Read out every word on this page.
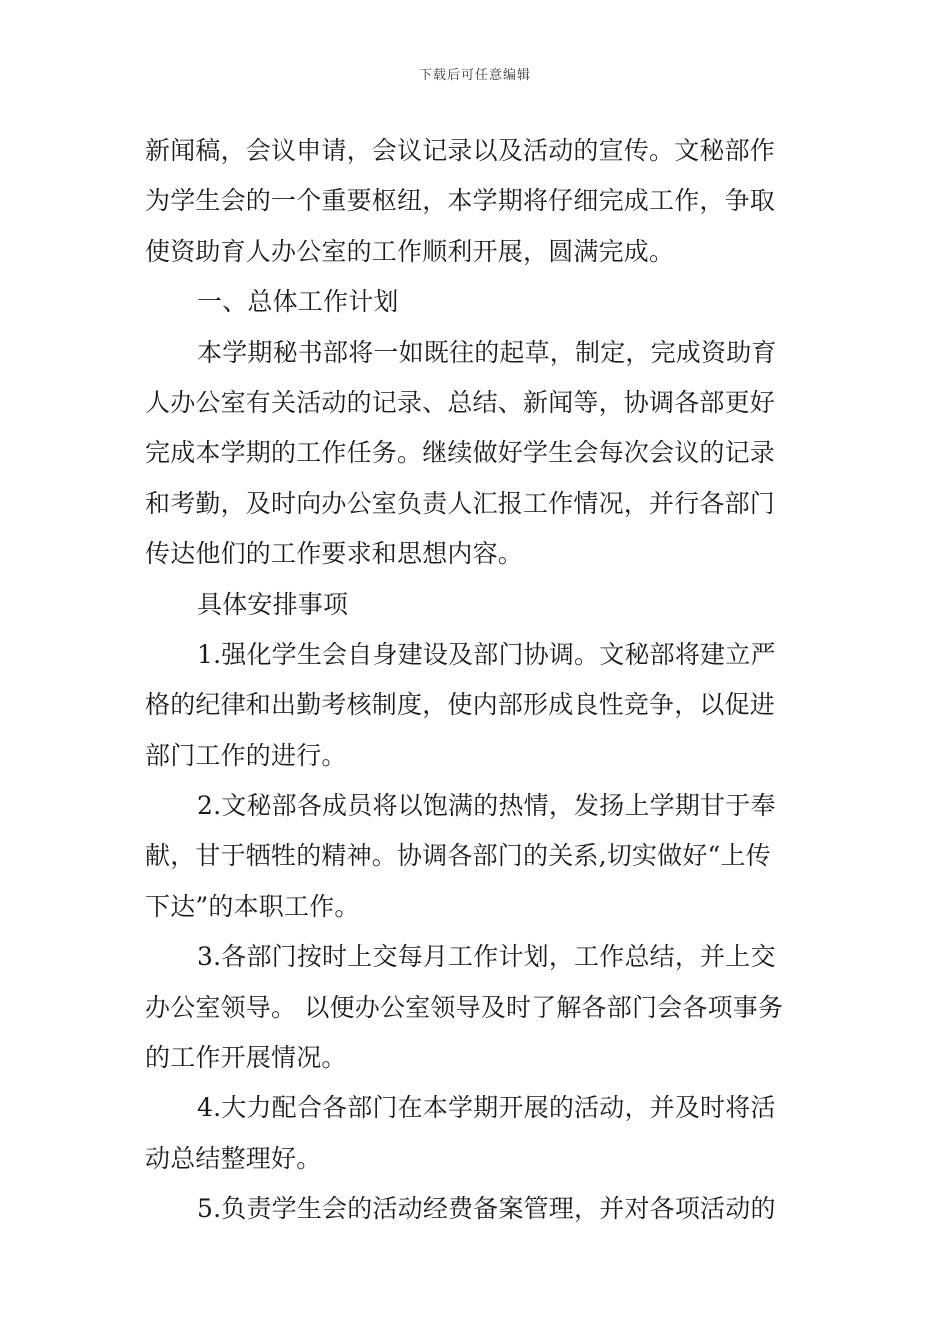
下载后可任意编辑
新闻稿，会议申请，会议记录以及活动的宣传。文秘部作
为学生会的一个重要枢纽，本学期将仔细完成工作，争取
使资助育人办公室的工作顺利开展，圆满完成。
一、总体工作计划
本学期秘书部将一如既往的起草，制定，完成资助育
人办公室有关活动的记录、总结、新闻等，协调各部更好
完成本学期的工作任务。继续做好学生会每次会议的记录
和考勤，及时向办公室负责人汇报工作情况，并行各部门
传达他们的工作要求和思想内容。
具体安排事项
1.强化学生会自身建设及部门协调。文秘部将建立严
格的纪律和出勤考核制度，使内部形成良性竞争，以促进
部门工作的进行。
2.文秘部各成员将以饱满的热情，发扬上学期甘于奉
献，甘于牺牲的精神。协调各部门的关系,切实做好“上传
下达”的本职工作。
3.各部门按时上交每月工作计划，工作总结，并上交
办公室领导。 以便办公室领导及时了解各部门会各项事务
的工作开展情况。
4.大力配合各部门在本学期开展的活动，并及时将活
动总结整理好。
5.负责学生会的活动经费备案管理，并对各项活动的
